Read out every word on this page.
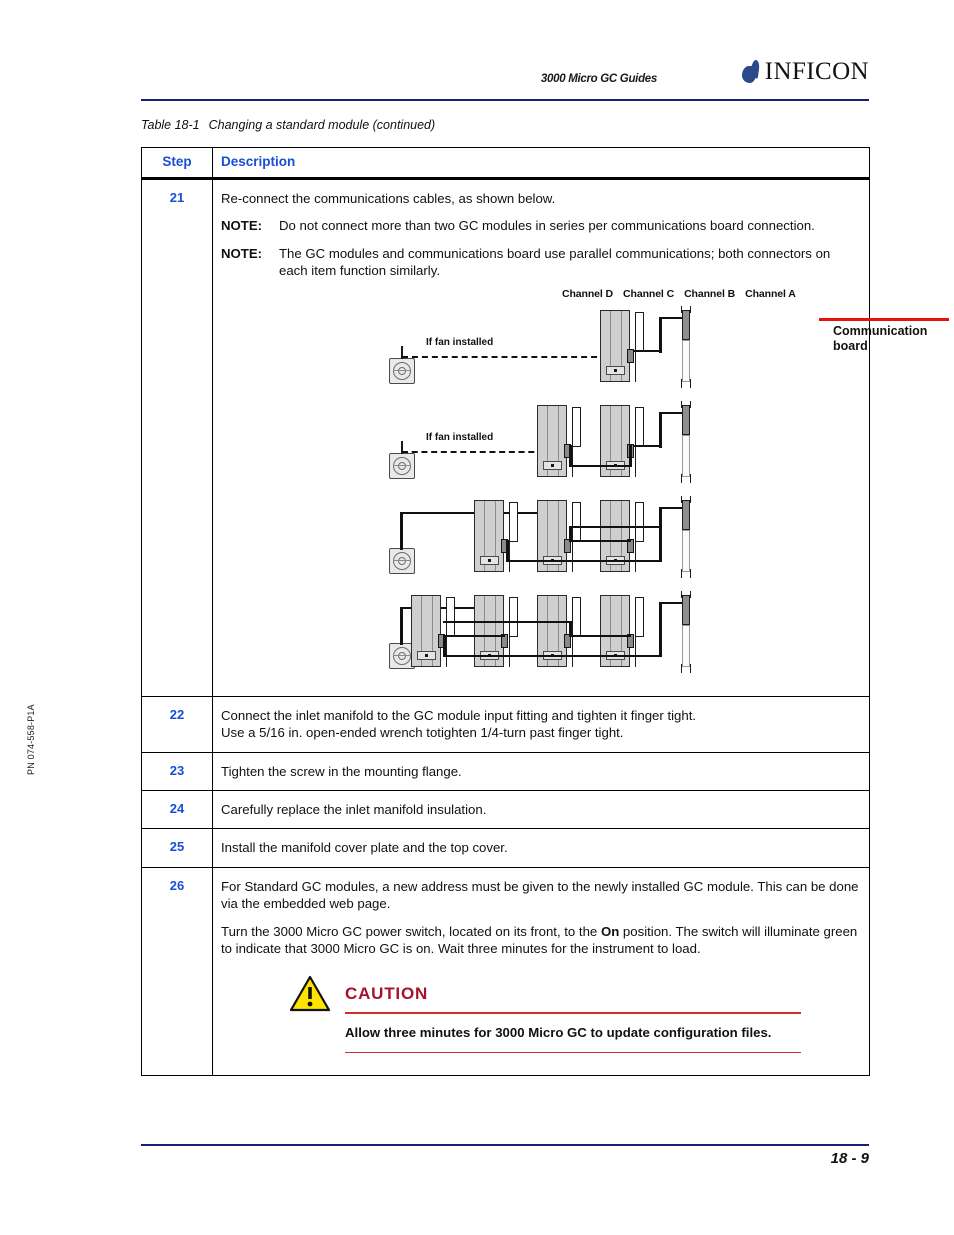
3000 Micro GC Guides	INFICON
PN 074-558-P1A
Table 18-1 Changing a standard module (continued)
Step	Description
21	Re-connect the communications cables, as shown below.

NOTE:	Do not connect more than two GC modules in series per communications board connection.
NOTE:	The GC modules and communications board use parallel communications; both connectors on each item function similarly.
Channel D Channel C Channel B Channel A
Communication board
If fan installed
If fan installed

22	Connect the inlet manifold to the GC module input fitting and tighten it finger tight.
Use a 5/16 in. open-ended wrench totighten 1/4-turn past finger tight.

23	Tighten the screw in the mounting flange.
24	Carefully replace the inlet manifold insulation.
25	Install the manifold cover plate and the top cover.
26	For Standard GC modules, a new address must be given to the newly installed GC module. This can be done via the embedded web page.

Turn the 3000 Micro GC power switch, located on its front, to the On position. The switch will illuminate green to indicate that 3000 Micro GC is on. Wait three minutes for the instrument to load.

CAUTION
Allow three minutes for 3000 Micro GC to update configuration files.
18 - 9
